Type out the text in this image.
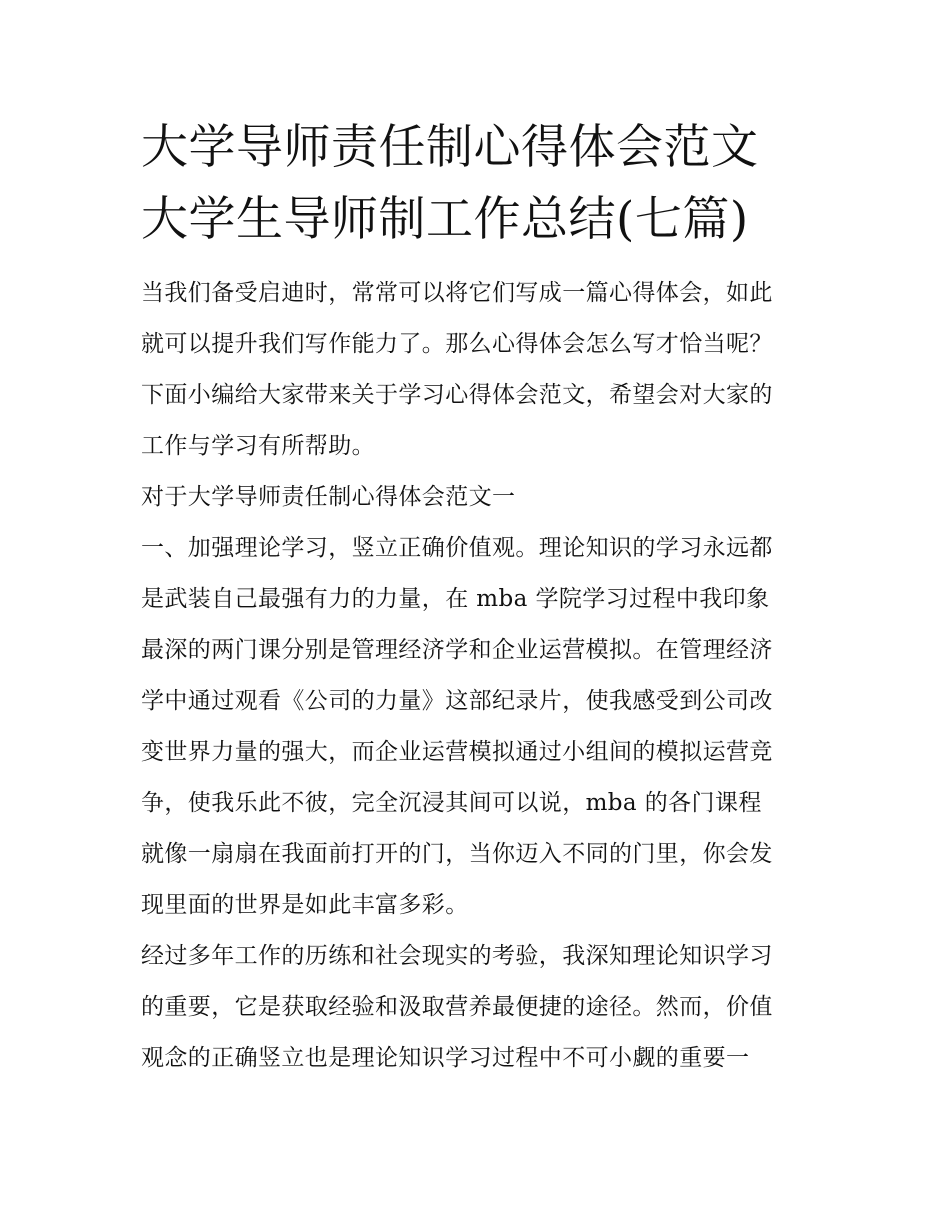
大学导师责任制心得体会范文
大学生导师制工作总结(七篇)
当我们备受启迪时，常常可以将它们写成一篇心得体会，如此
就可以提升我们写作能力了。那么心得体会怎么写才恰当呢？
下面小编给大家带来关于学习心得体会范文，希望会对大家的
工作与学习有所帮助。
对于大学导师责任制心得体会范文一
一、加强理论学习，竖立正确价值观。理论知识的学习永远都
是武装自己最强有力的力量，在 mba 学院学习过程中我印象
最深的两门课分别是管理经济学和企业运营模拟。在管理经济
学中通过观看《公司的力量》这部纪录片，使我感受到公司改
变世界力量的强大，而企业运营模拟通过小组间的模拟运营竞
争，使我乐此不彼，完全沉浸其间可以说，mba 的各门课程
就像一扇扇在我面前打开的门，当你迈入不同的门里，你会发
现里面的世界是如此丰富多彩。
经过多年工作的历练和社会现实的考验，我深知理论知识学习
的重要，它是获取经验和汲取营养最便捷的途径。然而，价值
观念的正确竖立也是理论知识学习过程中不可小觑的重要一
